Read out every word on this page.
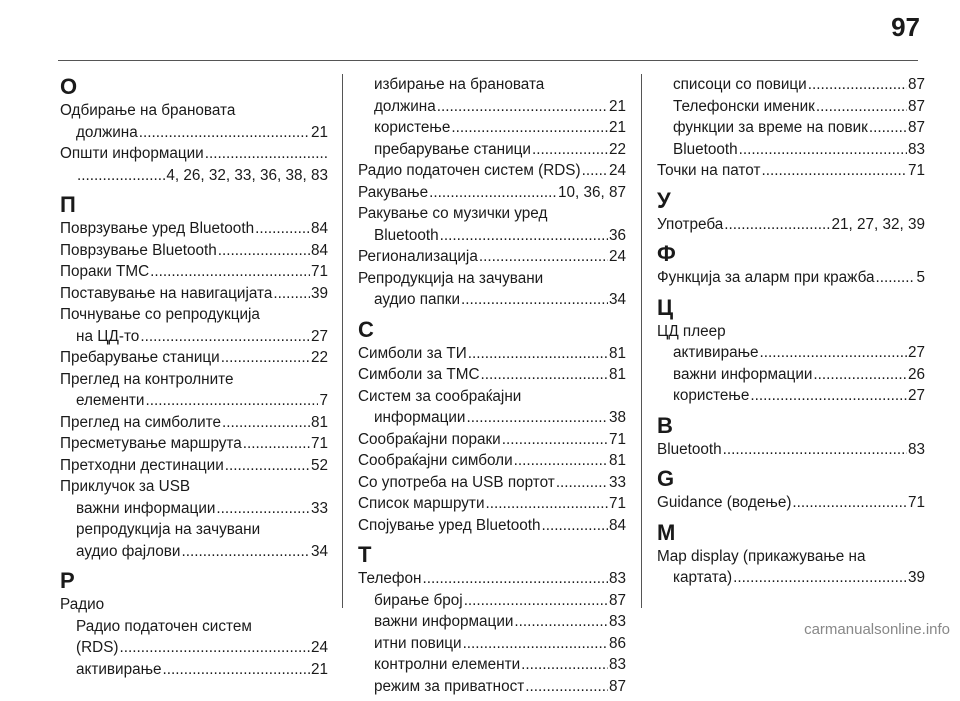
97
О
Одбирање на брановата
должина .....	21
Општи информации
.....
.....
4, 26, 32, 33, 36, 38, 83
П
Поврзување уред Bluetooth .....	84
Поврзување Bluetooth .....	84
Пораки TMC .....	71
Поставување на навигацијата .....	39
Почнување со репродукција
на ЦД-то .....	27
Пребарување станици .....	22
Преглед на контролните
елементи .....	7
Преглед на симболите .....	81
Пресметување маршрута .....	71
Претходни дестинации .....	52
Приклучок за USB
важни информации .....	33
репродукција на зачувани
аудио фајлови .....	34
Р
Радио
Радио податочен систем
(RDS) .....	24
активирање .....	21
избирање на брановата
должина .....	21
користење .....	21
пребарување станици .....	22
Радио податочен систем (RDS) ..... 24
Ракување .....	10, 36, 87
Ракување со музички уред
Bluetooth .....	36
Регионализација .....	24
Репродукција на зачувани
аудио папки .....	34
С
Симболи за ТИ .....	81
Симболи за TMC .....	81
Систем за сообраќајни
информации .....	38
Сообраќајни пораки .....	71
Сообраќајни симболи .....	81
Со употреба на USB портот .....	33
Список маршрути .....	71
Спојување уред Bluetooth .....	84
Т
Телефон .....	83
бирање број .....	87
важни информации .....	83
итни повици .....	86
контролни елементи .....	83
режим за приватност .....	87
списоци со повици .....	87
Телефонски именик .....	87
функции за време на повик .....	87
Bluetooth .....	83
Точки на патот .....	71
У
Употреба .....	21, 27, 32, 39
Ф
Функција за аларм при кражба .....	5
Ц
ЦД плеер
активирање .....	27
важни информации .....	26
користење .....	27
B
Bluetooth .....	83
G
Guidance (водење) .....	71
M
Map display (прикажување на
картата) .....	39
carmanualsonline.info
